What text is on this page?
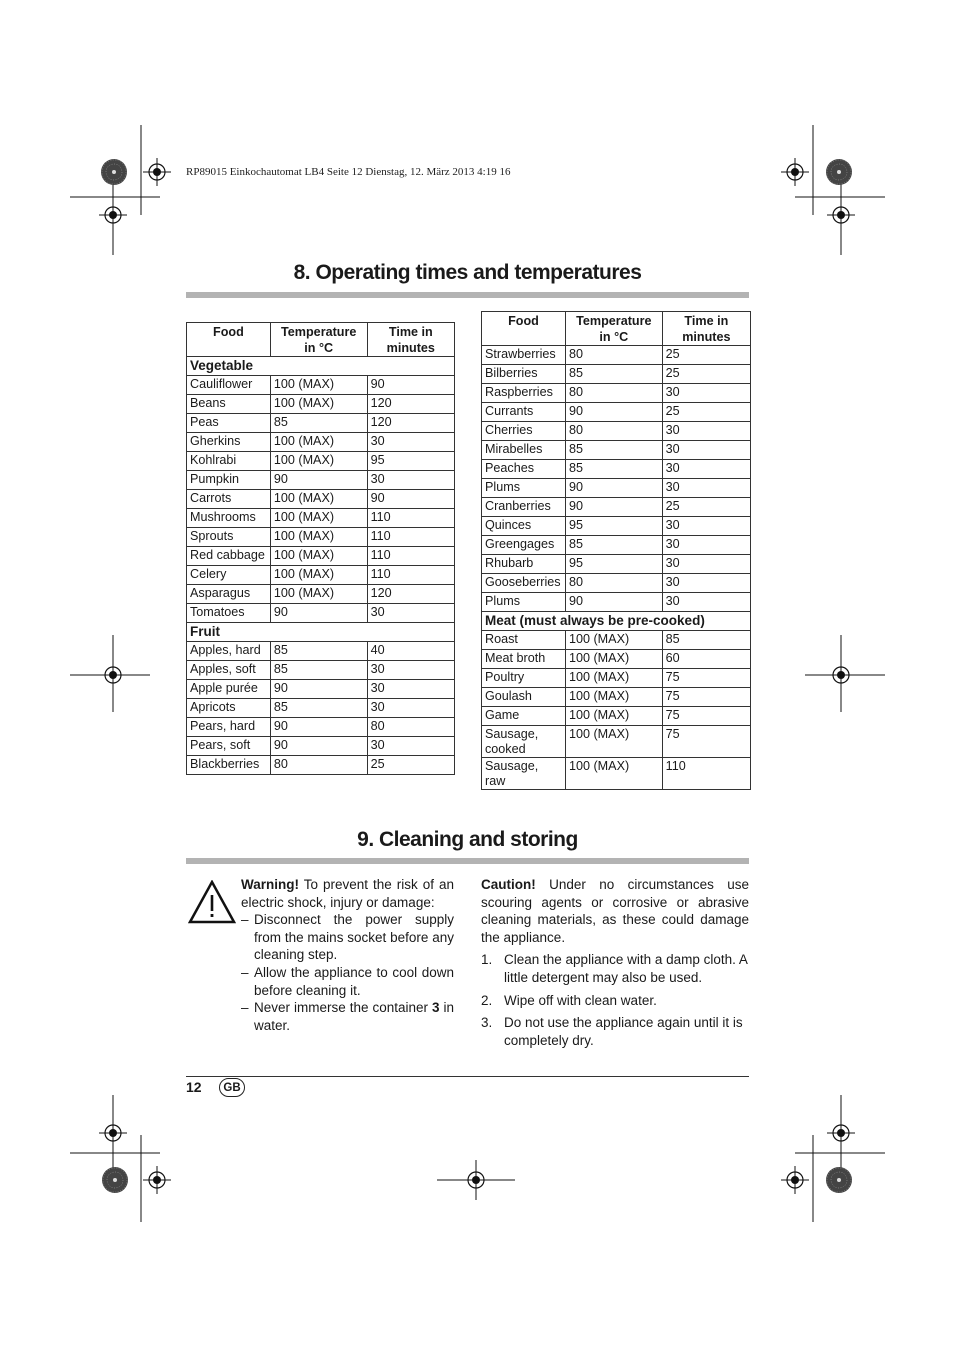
RP89015 Einkochautomat LB4 Seite 12 Dienstag, 12. März 2013 4:19 16
8. Operating times and temperatures
Food	Temperature in °C	Time in minutes
Vegetable		
Cauliflower	100 (MAX)	90
Beans	100 (MAX)	120
Peas	85	120
Gherkins	100 (MAX)	30
Kohlrabi	100 (MAX)	95
Pumpkin	90	30
Carrots	100 (MAX)	90
Mushrooms	100 (MAX)	110
Sprouts	100 (MAX)	110
Red cabbage	100 (MAX)	110
Celery	100 (MAX)	110
Asparagus	100 (MAX)	120
Tomatoes	90	30
Fruit		
Apples, hard	85	40
Apples, soft	85	30
Apple purée	90	30
Apricots	85	30
Pears, hard	90	80
Pears, soft	90	30
Blackberries	80	25
Food	Temperature in °C	Time in minutes
Strawberries	80	25
Bilberries	85	25
Raspberries	80	30
Currants	90	25
Cherries	80	30
Mirabelles	85	30
Peaches	85	30
Plums	90	30
Cranberries	90	25
Quinces	95	30
Greengages	85	30
Rhubarb	95	30
Gooseberries	80	30
Plums	90	30
Meat (must always be pre-cooked)		
Roast	100 (MAX)	85
Meat broth	100 (MAX)	60
Poultry	100 (MAX)	75
Goulash	100 (MAX)	75
Game	100 (MAX)	75
Sausage, cooked	100 (MAX)	75
Sausage, raw	100 (MAX)	110
9. Cleaning and storing
Warning! To prevent the risk of an electric shock, injury or damage:
– Disconnect the power supply from the mains socket before any cleaning step.
– Allow the appliance to cool down before cleaning it.
– Never immerse the container 3 in water.
Caution! Under no circumstances use scouring agents or corrosive or abrasive cleaning materials, as these could damage the appliance.
1. Clean the appliance with a damp cloth. A little detergent may also be used.
2. Wipe off with clean water.
3. Do not use the appliance again until it is completely dry.
12	GB
